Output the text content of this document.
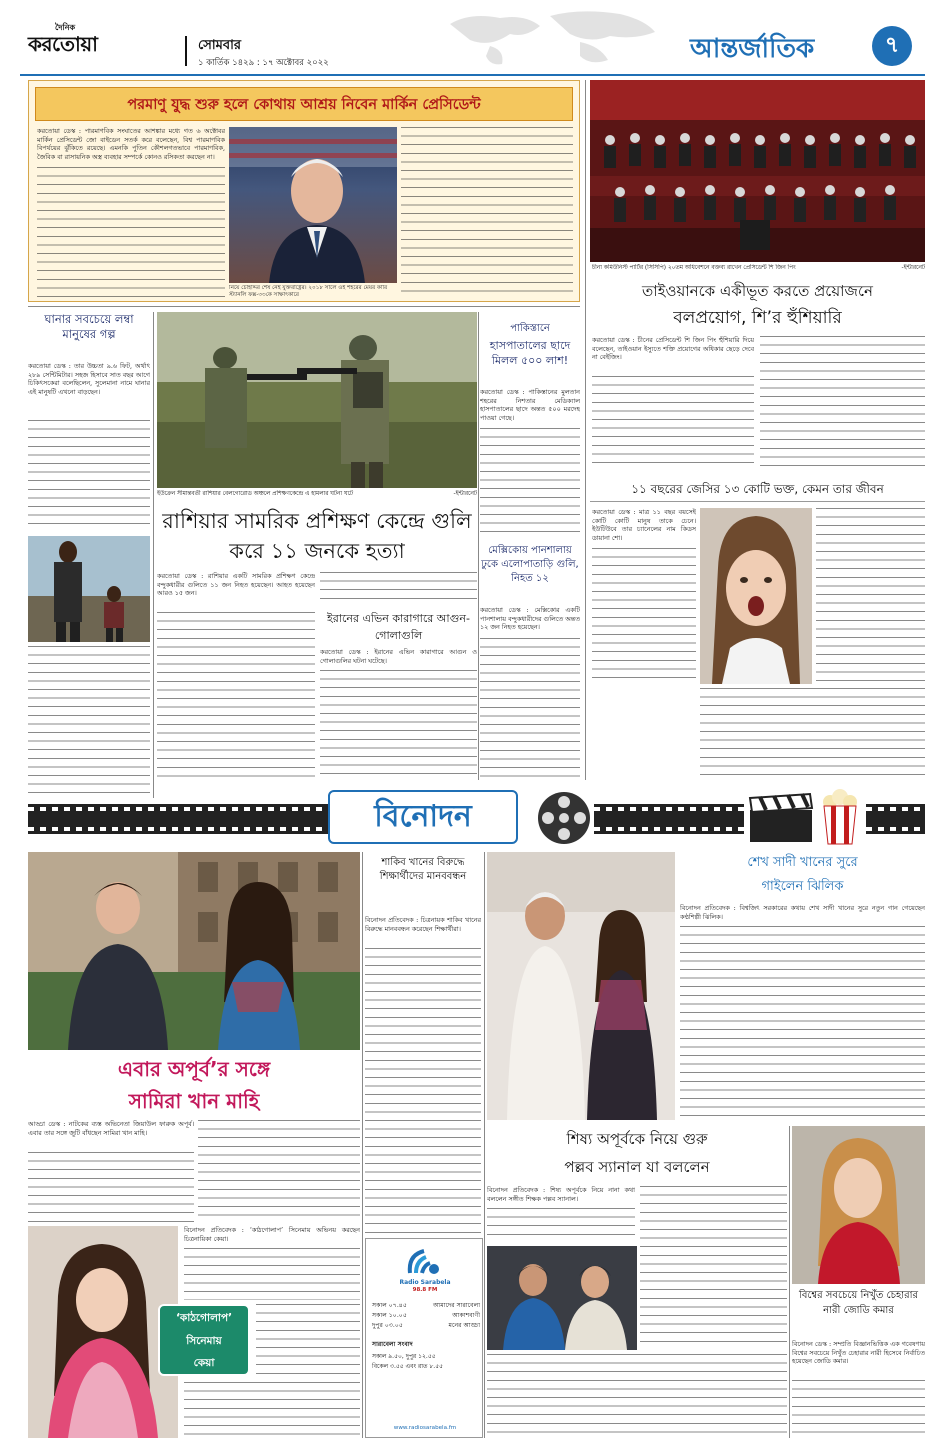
দৈনিক
করতোয়া	সোমবার
১ কার্তিক ১৪২৯ : ১৭ অক্টোবর ২০২২	আন্তর্জাতিক	৭
পরমাণু যুদ্ধ শুরু হলে কোথায় আশ্রয় নিবেন মার্কিন প্রেসিডেন্ট
করতোয়া ডেস্ক : পারমাণবিক সংঘাতের আশঙ্কার মধ্যে গত ৬ অক্টোবর মার্কিন প্রেসিডেন্ট জো বাইডেন সতর্ক করে বলেছেন, বিশ্ব পারমাণবিক বিপর্যয়ের ঝুঁকিতে রয়েছে। এমনকি পুতিন কৌশলগতভাবে পারমাণবিক, জৈবিক বা রাসায়নিক অস্ত্র ব্যবহার সম্পর্কে কোনও রসিকতা করছেন না।
নিয়ে চৌহদ্দির শেষ নেই যুক্তরাষ্ট্রের। ২০১৮ সালে ওই শহরের মেয়র কারি স্ট্যানলি ফক্স-৩৩কে সাক্ষাৎকারে
চীনা কমিউনিস্ট পার্টির (সিসিপি) ২০তম অধিবেশনে বক্তব্য রাখেন প্রেসিডেন্ট শি জিন পিং	-ইন্টারনেট
তাইওয়ানকে একীভূত করতে প্রয়োজনে
বলপ্রয়োগ, শি’র হুঁশিয়ারি
ঘানার সবচেয়ে লম্বা মানুষের গল্প
করতোয়া ডেস্ক : তার উচ্চতা ৯.৬ ফিট, অর্থাৎ ২৮৯ সেন্টিমিটার। সহজ হিসাবে সাত বছর আগে চিকিৎসকেরা বলেছিলেন, সুলেমানা নামে ঘানার এই মানুষটি এখনো বাড়ছেন।
ইউক্রেন সীমান্তবর্তী রাশিয়ার বেলগোরোড অঞ্চলে প্রশিক্ষণকেন্দ্রে এ হামলার ঘটনা ঘটে	-ইন্টারনেট
রাশিয়ার সামরিক প্রশিক্ষণ কেন্দ্রে গুলি করে ১১ জনকে হত্যা
করতোয়া ডেস্ক : রাশিয়ার একটি সামরিক প্রশিক্ষণ কেন্দ্রে বন্দুকধারীর গুলিতে ১১ জন নিহত হয়েছেন। আহত হয়েছেন আরও ১৫ জন।
ইরানের এভিন কারাগারে আগুন-গোলাগুলি
করতোয়া ডেস্ক : ইরানের এভিন কারাগারে আগুন ও গোলাগুলির ঘটনা ঘটেছে।
পাকিস্তানে
হাসপাতালের ছাদে মিলল ৫০০ লাশ!
করতোয়া ডেস্ক : পাকিস্তানের মুলতান শহরের নিশতার মেডিক্যাল হাসপাতালের ছাদে অন্তত ৫০০ মরদেহ পাওয়া গেছে।
মেক্সিকোয় পানশালায় ঢুকে এলোপাতাড়ি গুলি, নিহত ১২
করতোয়া ডেস্ক : মেক্সিকোর একটি পানশালায় বন্দুকধারীদের গুলিতে অন্তত ১২ জন নিহত হয়েছেন।
করতোয়া ডেস্ক : চীনের প্রেসিডেন্ট শি জিন পিং হুঁশিয়ারি দিয়ে বলেছেন, তাইওয়ান ইস্যুতে শক্তি প্রয়োগের অধিকার ছেড়ে দেবে না বেইজিং।
১১ বছরের জেসির ১৩ কোটি ভক্ত, কেমন তার জীবন
করতোয়া ডেস্ক : মাত্র ১১ বছর বয়সেই কোটি কোটি মানুষ তাকে চেনে। ইউটিউবে তার চ্যানেলের নাম কিডস ডায়ানা শো।
বিনোদন
এবার অপূর্ব’র সঙ্গে
সামিরা খান মাহি
আড্ডা ডেস্ক : নাটকের ব্যস্ত অভিনেতা জিয়াউল ফারুক অপূর্ব। এবার তার সঙ্গে জুটি বাঁধছেন সামিরা খান মাহি।
শাকিব খানের বিরুদ্ধে শিক্ষার্থীদের মানববন্ধন
বিনোদন প্রতিবেদক : চিত্রনায়ক শাকিব খানের বিরুদ্ধে মানববন্ধন করেছেন শিক্ষার্থীরা।
শেখ সাদী খানের সুরে
গাইলেন ঝিলিক
বিনোদন প্রতিবেদক : বিশ্বজিৎ সরকারের কথায় শেখ সাদী খানের সুরে নতুন গান গেয়েছেন কণ্ঠশিল্পী ঝিলিক।
শিষ্য অপূর্বকে নিয়ে গুরু
পল্লব স্যানাল যা বললেন
বিনোদন প্রতিবেদক : শিষ্য অপূর্বকে নিয়ে নানা কথা বললেন সঙ্গীত শিক্ষক পল্লব স্যানাল।
বিশ্বের সবচেয়ে নিখুঁত চেহারার নারী জোডি কমার
বিনোদন ডেস্ক : সম্প্রতি বিজ্ঞানভিত্তিক এক গবেষণায় বিশ্বের সবচেয়ে নিখুঁত চেহারার নারী হিসেবে নির্বাচিত হয়েছেন জোডি কমার।
‘কাঠগোলাপ’
সিনেমায়
কেয়া
বিনোদন প্রতিবেদক : ‘কাঠগোলাপ’ সিনেমায় অভিনয় করছেন চিত্রনায়িকা কেয়া।
Radio Sarabela
98.8 FM
সকাল ০৭.৪৫	আমাদের সারাবেলা
সকাল ১০.০৫	আকাশবাণী
দুপুর ০৩.০৫	মনের আড্ডা
সারাবেলা সংবাদ
সকাল ৯.৫০, দুপুর ১২.৫৫
বিকেল ৩.৫৫ এবং রাত ৮.৫৫
www.radiosarabela.fm
